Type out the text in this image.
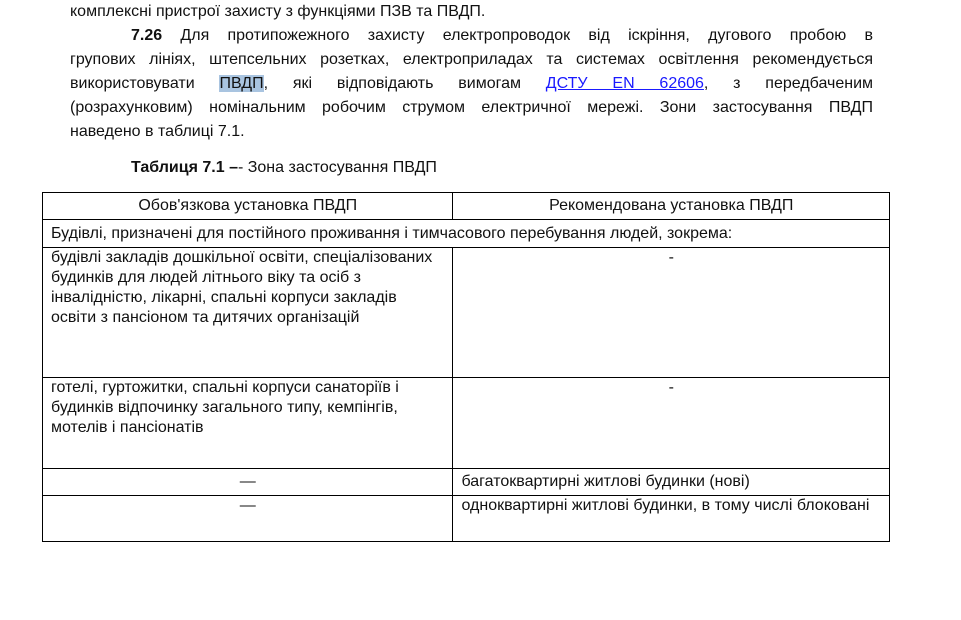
комплексні пристрої захисту з функціями ПЗВ та ПВДП.
7.26 Для протипожежного захисту електропроводок від іскріння, дугового пробою в
групових лініях, штепсельних розетках, електроприладах та системах освітлення рекомендується
використовувати ПВДП, які відповідають вимогам ДСТУ EN 62606, з передбаченим
(розрахунковим) номінальним робочим струмом електричної мережі. Зони застосування ПВДП
наведено в таблиці 7.1.
Таблиця 7.1 –- Зона застосування ПВДП
Обов'язкова установка ПВДП	Рекомендована установка ПВДП
Будівлі, призначені для постійного проживання і тимчасового перебування людей, зокрема:	
будівлі закладів дошкільної освіти, спеціалізованих будинків для людей літнього віку та осіб з інвалідністю, лікарні, спальні корпуси закладів освіти з пансіоном та дитячих організацій	-
готелі, гуртожитки, спальні корпуси санаторіїв і будинків відпочинку загального типу, кемпінгів, мотелів і пансіонатів	-
—	багатоквартирні житлові будинки (нові)
—	одноквартирні житлові будинки, в тому числі блоковані
